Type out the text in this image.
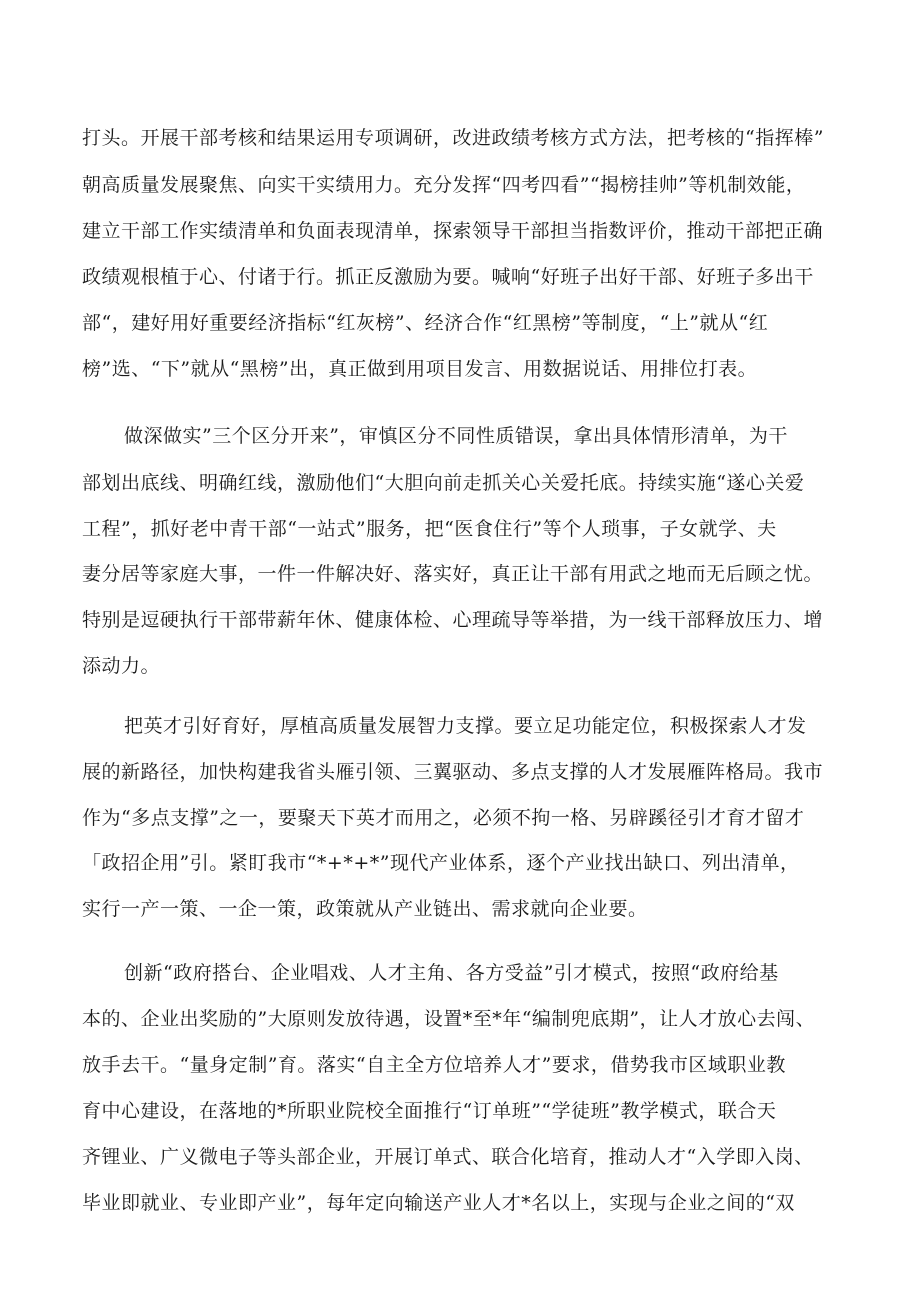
打头。开展干部考核和结果运用专项调研，改进政绩考核方式方法，把考核的“指挥棒”
朝高质量发展聚焦、向实干实绩用力。充分发挥“四考四看”“揭榜挂帅”等机制效能，
建立干部工作实绩清单和负面表现清单，探索领导干部担当指数评价，推动干部把正确
政绩观根植于心、付诸于行。抓正反激励为要。喊响“好班子出好干部、好班子多出干
部“，建好用好重要经济指标“红灰榜”、经济合作“红黑榜”等制度，“上”就从“红
榜”选、“下”就从“黑榜”出，真正做到用项目发言、用数据说话、用排位打表。
做深做实”三个区分开来”，审慎区分不同性质错误，拿出具体情形清单，为干
部划出底线、明确红线，激励他们“大胆向前走抓关心关爱托底。持续实施“遂心关爱
工程”，抓好老中青干部“一站式”服务，把“医食住行”等个人琐事，子女就学、夫
妻分居等家庭大事，一件一件解决好、落实好，真正让干部有用武之地而无后顾之忧。
特别是逗硬执行干部带薪年休、健康体检、心理疏导等举措，为一线干部释放压力、增
添动力。
把英才引好育好，厚植高质量发展智力支撑。要立足功能定位，积极探索人才发
展的新路径，加快构建我省头雁引领、三翼驱动、多点支撑的人才发展雁阵格局。我市
作为“多点支撑”之一，要聚天下英才而用之，必须不拘一格、另辟蹊径引才育才留才
「政招企用”引。紧盯我市“*+*+*”现代产业体系，逐个产业找出缺口、列出清单，
实行一产一策、一企一策，政策就从产业链出、需求就向企业要。
创新“政府搭台、企业唱戏、人才主角、各方受益”引才模式，按照“政府给基
本的、企业出奖励的”大原则发放待遇，设置*至*年“编制兜底期”，让人才放心去闯、
放手去干。“量身定制”育。落实“自主全方位培养人才”要求，借势我市区域职业教
育中心建设，在落地的*所职业院校全面推行“订单班”“学徒班”教学模式，联合天
齐锂业、广义微电子等头部企业，开展订单式、联合化培育，推动人才“入学即入岗、
毕业即就业、专业即产业”，每年定向输送产业人才*名以上，实现与企业之间的“双
